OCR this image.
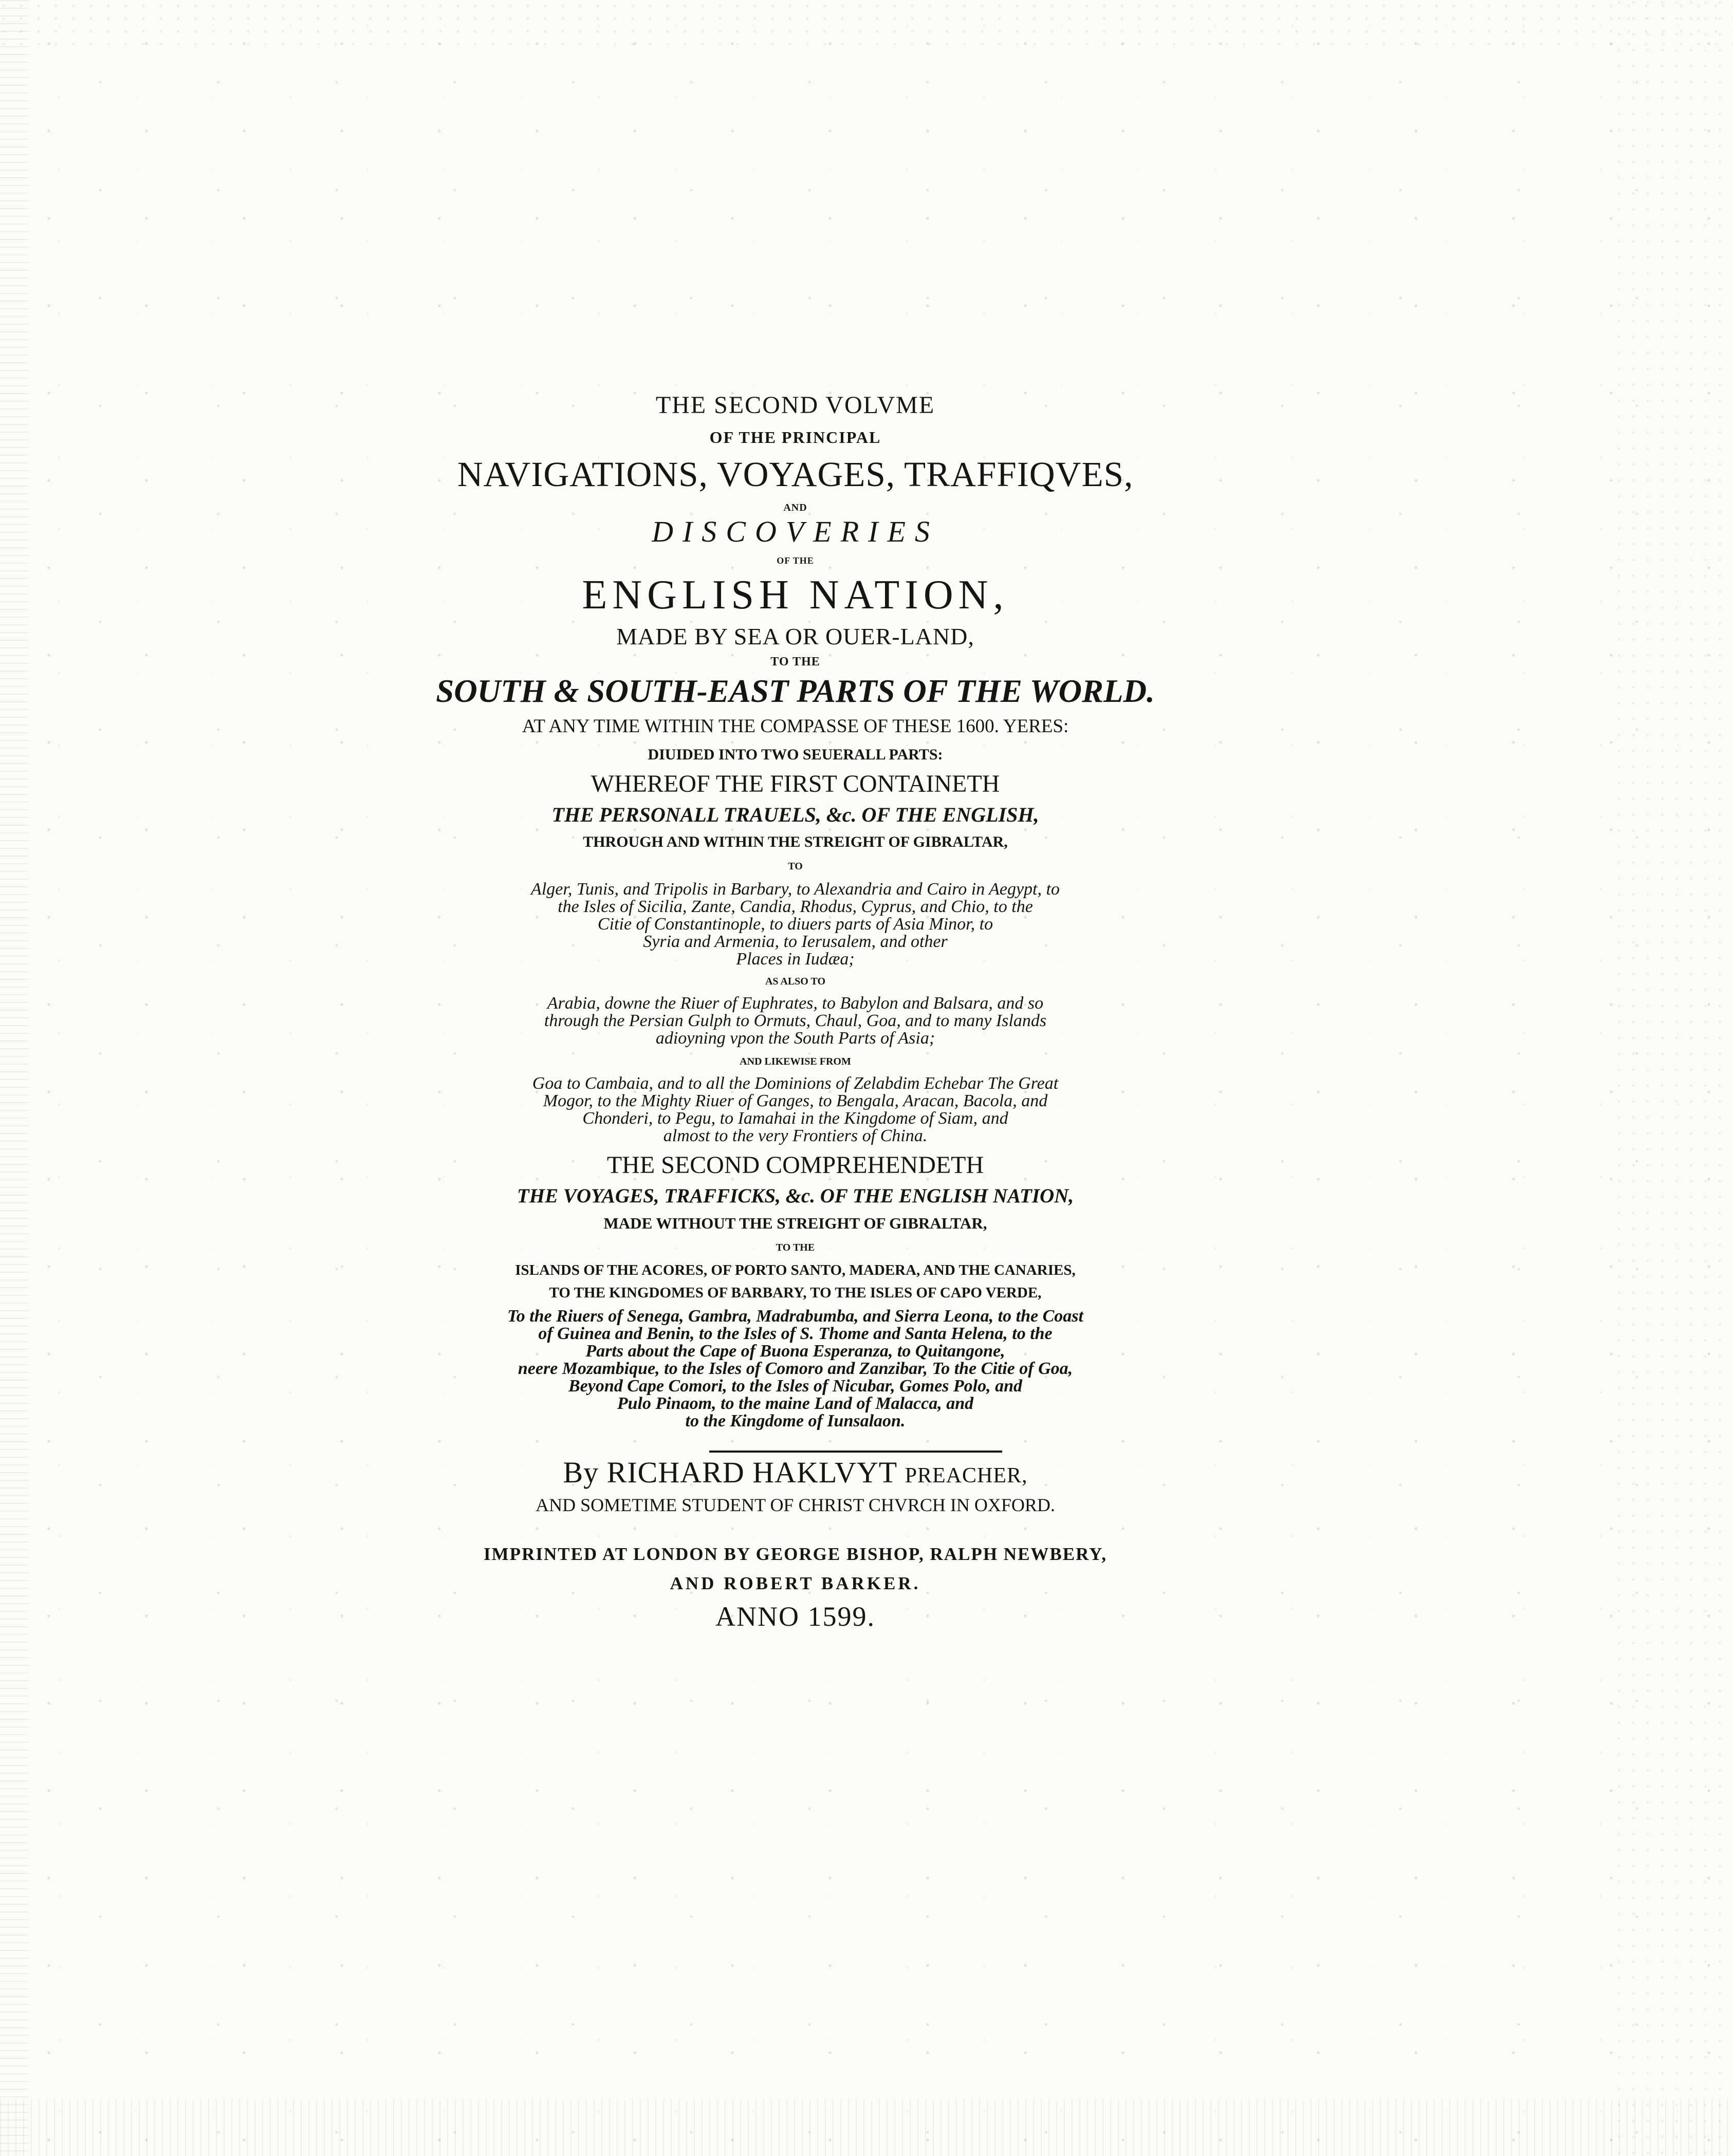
THE SECOND VOLVME
OF THE PRINCIPAL
NAVIGATIONS, VOYAGES, TRAFFIQVES,
AND
DISCOVERIES
OF THE
ENGLISH NATION,
MADE BY SEA OR OUER-LAND,
TO THE
SOUTH & SOUTH-EAST PARTS OF THE WORLD.
AT ANY TIME WITHIN THE COMPASSE OF THESE 1600. YERES:
DIUIDED INTO TWO SEUERALL PARTS:
WHEREOF THE FIRST CONTAINETH
THE PERSONALL TRAUELS, &c. OF THE ENGLISH,
THROUGH AND WITHIN THE STREIGHT OF GIBRALTAR,
TO
Alger, Tunis, and Tripolis in Barbary, to Alexandria and Cairo in Aegypt, to
the Isles of Sicilia, Zante, Candia, Rhodus, Cyprus, and Chio, to the
Citie of Constantinople, to diuers parts of Asia Minor, to
Syria and Armenia, to Ierusalem, and other
Places in Iudæa;
AS ALSO TO
Arabia, downe the Riuer of Euphrates, to Babylon and Balsara, and so
through the Persian Gulph to Ormuts, Chaul, Goa, and to many Islands
adioyning vpon the South Parts of Asia;
AND LIKEWISE FROM
Goa to Cambaia, and to all the Dominions of Zelabdim Echebar The Great
Mogor, to the Mighty Riuer of Ganges, to Bengala, Aracan, Bacola, and
Chonderi, to Pegu, to Iamahai in the Kingdome of Siam, and
almost to the very Frontiers of China.
THE SECOND COMPREHENDETH
THE VOYAGES, TRAFFICKS, &c. OF THE ENGLISH NATION,
MADE WITHOUT THE STREIGHT OF GIBRALTAR,
TO THE
ISLANDS OF THE ACORES, OF PORTO SANTO, MADERA, AND THE CANARIES,
TO THE KINGDOMES OF BARBARY, TO THE ISLES OF CAPO VERDE,
To the Riuers of Senega, Gambra, Madrabumba, and Sierra Leona, to the Coast
of Guinea and Benin, to the Isles of S. Thome and Santa Helena, to the
Parts about the Cape of Buona Esperanza, to Quitangone,
neere Mozambique, to the Isles of Comoro and Zanzibar, To the Citie of Goa,
Beyond Cape Comori, to the Isles of Nicubar, Gomes Polo, and
Pulo Pinaom, to the maine Land of Malacca, and
to the Kingdome of Iunsalaon.
By RICHARD HAKLVYT PREACHER,
AND SOMETIME STUDENT OF CHRIST CHVRCH IN OXFORD.
IMPRINTED AT LONDON BY GEORGE BISHOP, RALPH NEWBERY,
AND ROBERT BARKER.
ANNO 1599.
